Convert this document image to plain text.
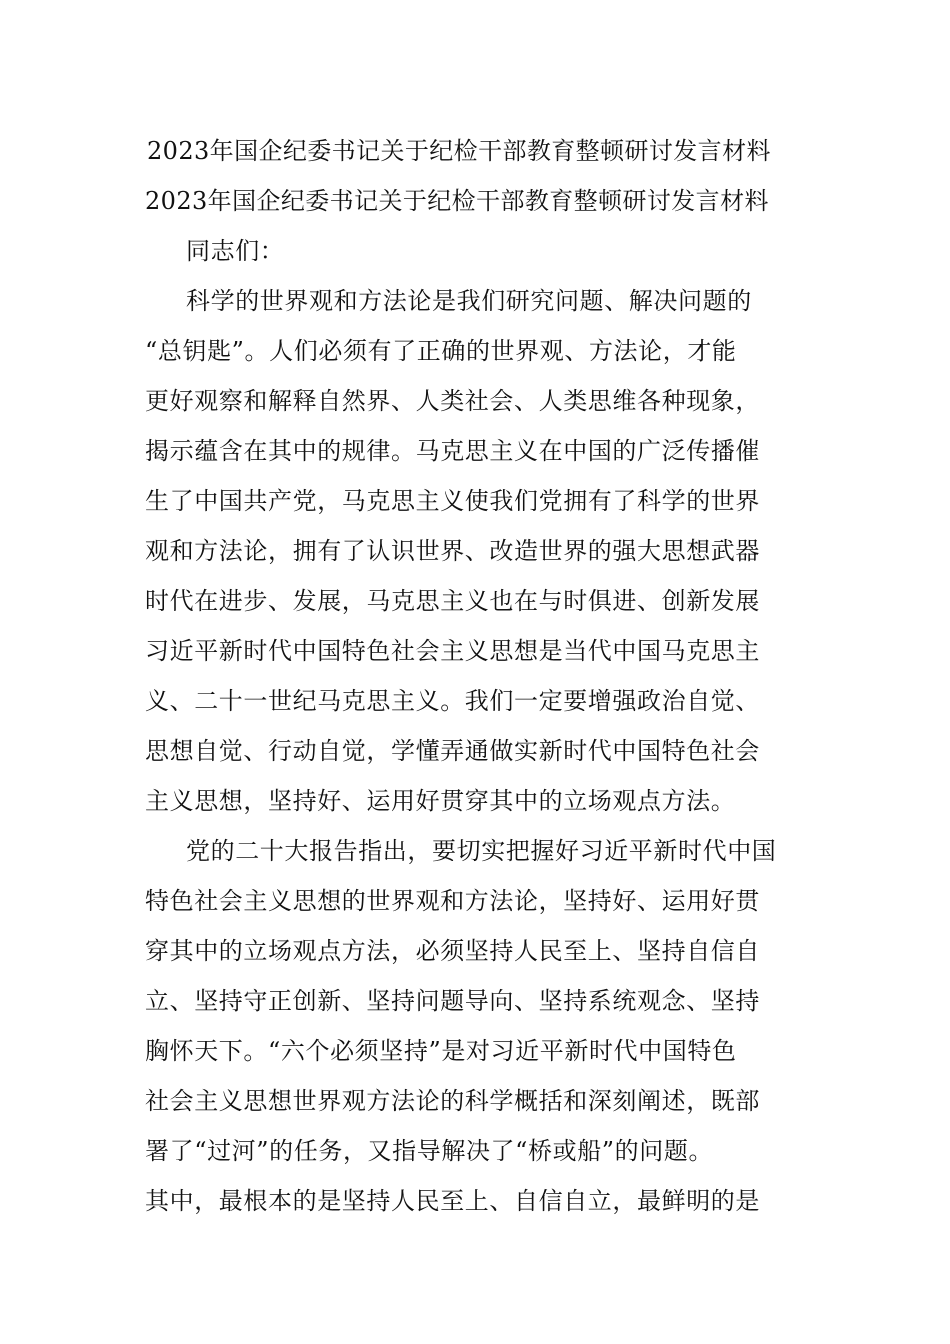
2023年国企纪委书记关于纪检干部教育整顿研讨发言材料
2023年国企纪委书记关于纪检干部教育整顿研讨发言材料
同志们：
科学的世界观和方法论是我们研究问题、解决问题的
“总钥匙”。人们必须有了正确的世界观、方法论，才能
更好观察和解释自然界、人类社会、人类思维各种现象，
揭示蕴含在其中的规律。马克思主义在中国的广泛传播催
生了中国共产党，马克思主义使我们党拥有了科学的世界
观和方法论，拥有了认识世界、改造世界的强大思想武器
时代在进步、发展，马克思主义也在与时俱进、创新发展
习近平新时代中国特色社会主义思想是当代中国马克思主
义、二十一世纪马克思主义。我们一定要增强政治自觉、
思想自觉、行动自觉，学懂弄通做实新时代中国特色社会
主义思想，坚持好、运用好贯穿其中的立场观点方法。
党的二十大报告指出，要切实把握好习近平新时代中国
特色社会主义思想的世界观和方法论，坚持好、运用好贯
穿其中的立场观点方法，必须坚持人民至上、坚持自信自
立、坚持守正创新、坚持问题导向、坚持系统观念、坚持
胸怀天下。“六个必须坚持”是对习近平新时代中国特色
社会主义思想世界观方法论的科学概括和深刻阐述，既部
署了“过河”的任务，又指导解决了“桥或船”的问题。
其中，最根本的是坚持人民至上、自信自立，最鲜明的是
